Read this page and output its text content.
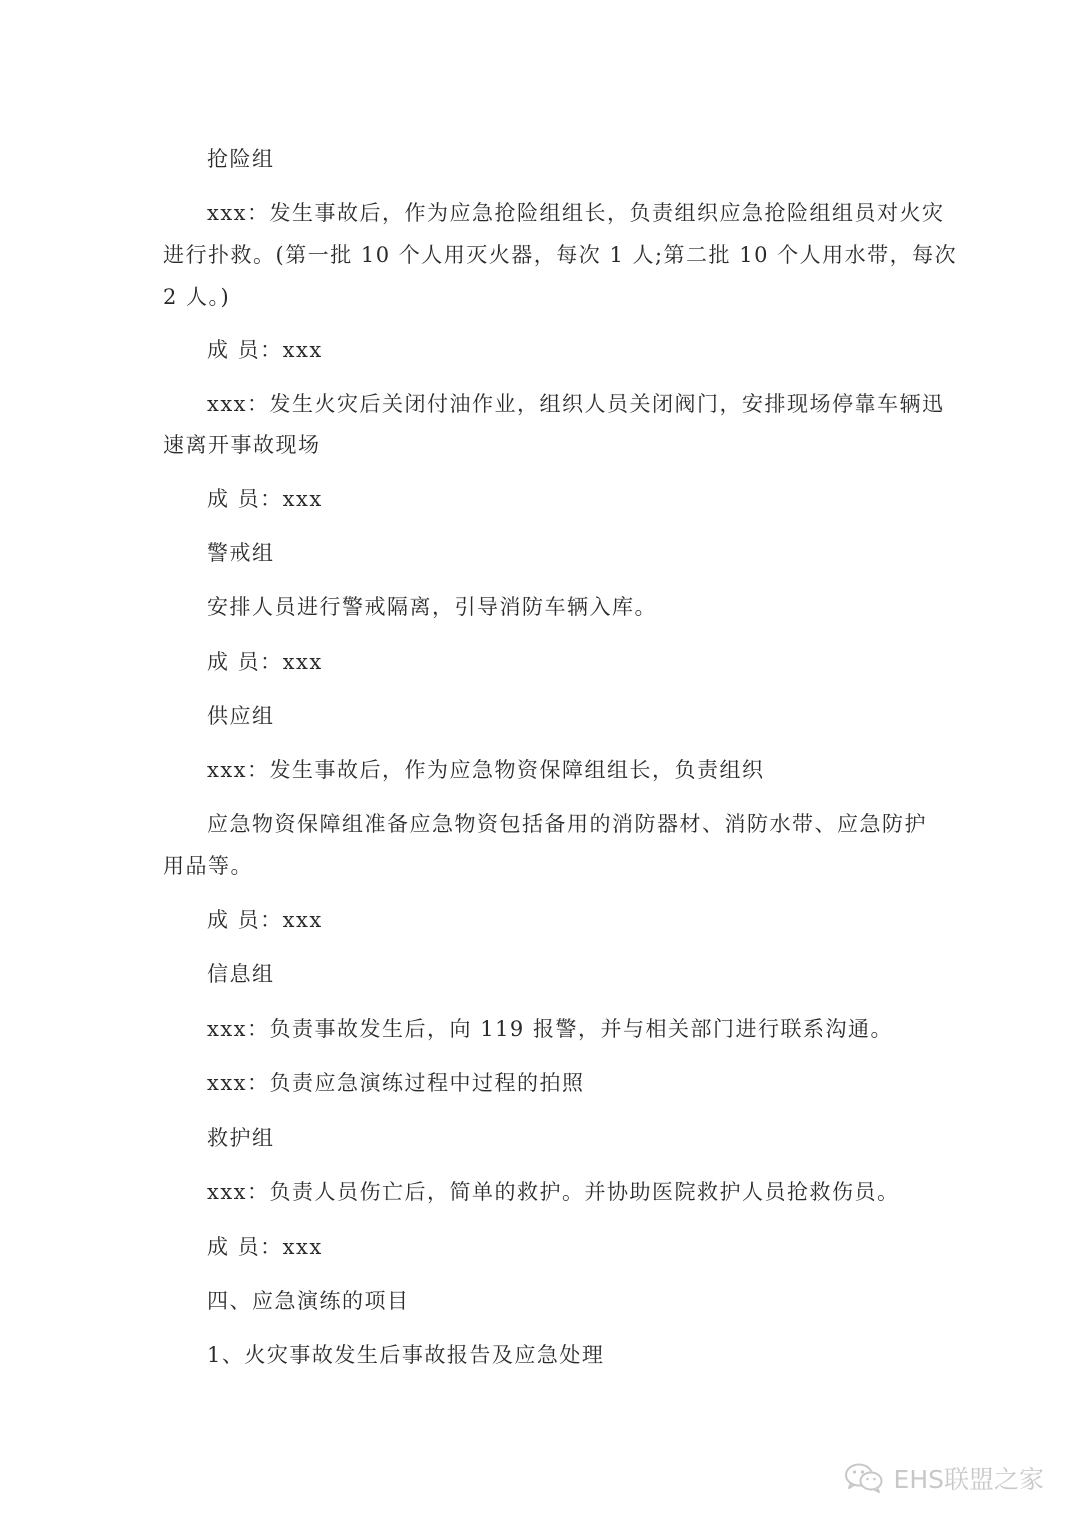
抢险组
xxx：发生事故后，作为应急抢险组组长，负责组织应急抢险组组员对火灾
进行扑救。(第一批 10 个人用灭火器，每次 1 人;第二批 10 个人用水带，每次
2 人。)
成 员：xxx
xxx：发生火灾后关闭付油作业，组织人员关闭阀门，安排现场停靠车辆迅
速离开事故现场
成 员：xxx
警戒组
安排人员进行警戒隔离，引导消防车辆入库。
成 员：xxx
供应组
xxx：发生事故后，作为应急物资保障组组长，负责组织
应急物资保障组准备应急物资包括备用的消防器材、消防水带、应急防护
用品等。
成 员：xxx
信息组
xxx：负责事故发生后，向 119 报警，并与相关部门进行联系沟通。
xxx：负责应急演练过程中过程的拍照
救护组
xxx：负责人员伤亡后，简单的救护。并协助医院救护人员抢救伤员。
成 员：xxx
四、应急演练的项目
1、火灾事故发生后事故报告及应急处理
EHS联盟之家
